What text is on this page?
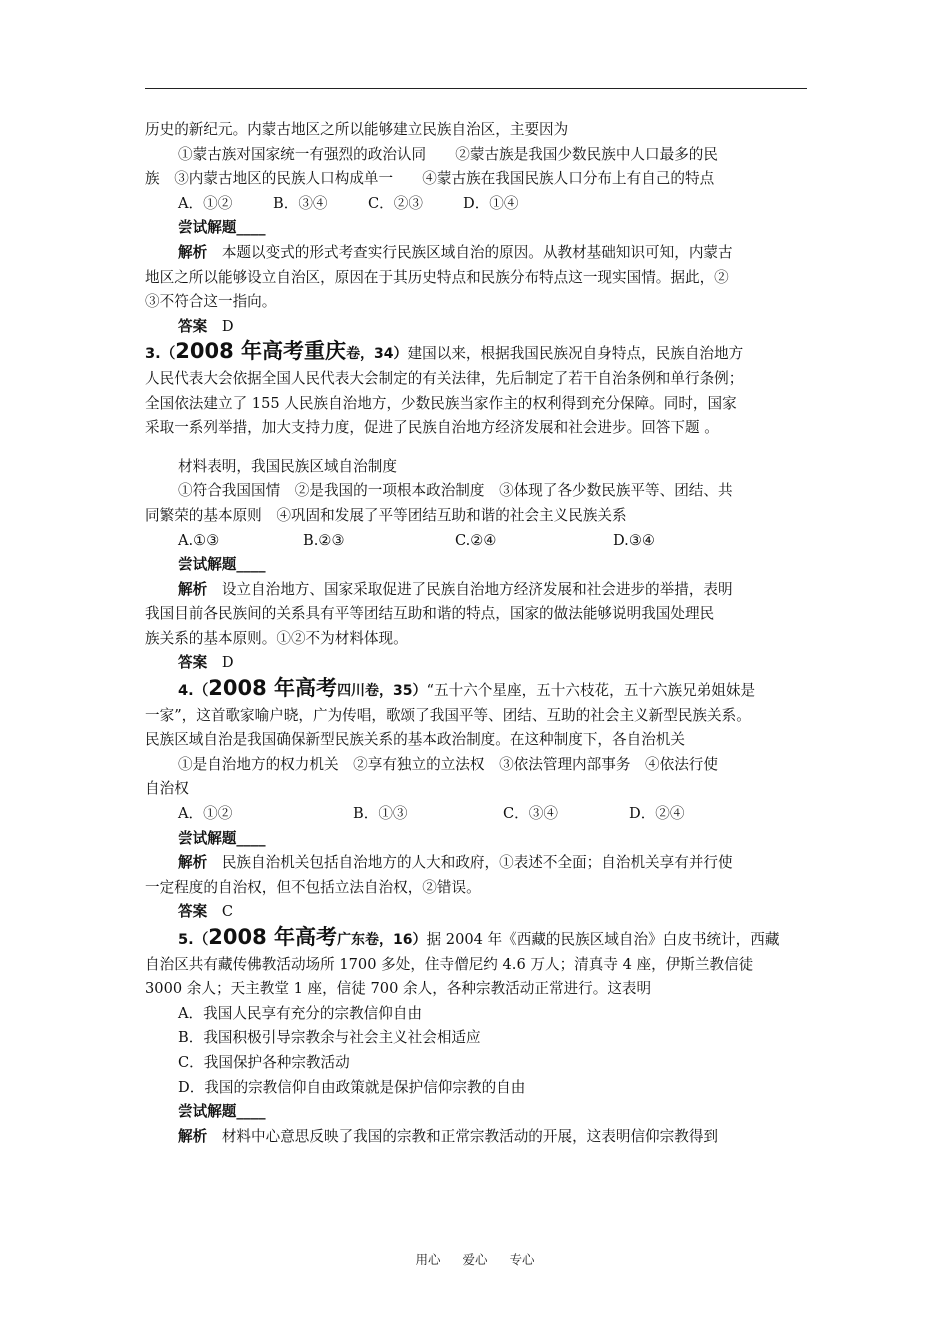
历史的新纪元。内蒙古地区之所以能够建立民族自治区，主要因为

①蒙古族对国家统一有强烈的政治认同　　②蒙古族是我国少数民族中人口最多的民

族　③内蒙古地区的民族人口构成单一　　④蒙古族在我国民族人口分布上有自己的特点

A．①②	B．③④	C．②③	D．①④

尝试解题____

解析　 本题以变式的形式考查实行民族区域自治的原因。从教材基础知识可知，内蒙古

地区之所以能够设立自治区，原因在于其历史特点和民族分布特点这一现实国情。据此，②

③不符合这一指向。

答案　 D

3.（2008 年高考重庆卷，34）建国以来，根据我国民族况自身特点，民族自治地方

人民代表大会依据全国人民代表大会制定的有关法律，先后制定了若干自治条例和单行条例；

全国依法建立了 155 人民族自治地方，少数民族当家作主的权利得到充分保障。同时，国家

采取一系列举措，加大支持力度，促进了民族自治地方经济发展和社会进步。回答下题 。

材料表明，我国民族区域自治制度

①符合我国国情　②是我国的一项根本政治制度　③体现了各少数民族平等、团结、共

同繁荣的基本原则　④巩固和发展了平等团结互助和谐的社会主义民族关系

A.①③	B.②③	C.②④	D.③④

尝试解题____

解析　 设立自治地方、国家采取促进了民族自治地方经济发展和社会进步的举措，表明

我国目前各民族间的关系具有平等团结互助和谐的特点，国家的做法能够说明我国处理民

族关系的基本原则。①②不为材料体现。

答案　 D

4.（2008 年高考四川卷，35）“五十六个星座，五十六枝花，五十六族兄弟姐妹是

一家”，这首歌家喻户晓，广为传唱，歌颂了我国平等、团结、互助的社会主义新型民族关系。

民族区域自治是我国确保新型民族关系的基本政治制度。在这种制度下，各自治机关

①是自治地方的权力机关　②享有独立的立法权　③依法管理内部事务　④依法行使

自治权

A．①②	B．①③	C．③④	D．②④

尝试解题____

解析　 民族自治机关包括自治地方的人大和政府，①表述不全面；自治机关享有并行使

一定程度的自治权，但不包括立法自治权，②错误。

答案　 C

5.（2008 年高考广东卷，16）据 2004 年《西藏的民族区域自治》白皮书统计，西藏

自治区共有藏传佛教活动场所 1700 多处，住寺僧尼约 4.6 万人；清真寺 4 座，伊斯兰教信徒

3000 余人；天主教堂 1 座，信徒 700 余人，各种宗教活动正常进行。这表明

A．我国人民享有充分的宗教信仰自由

B．我国积极引导宗教余与社会主义社会相适应

C．我国保护各种宗教活动

D．我国的宗教信仰自由政策就是保护信仰宗教的自由

尝试解题____

解析　 材料中心意思反映了我国的宗教和正常宗教活动的开展，这表明信仰宗教得到

用心 爱心 专心
